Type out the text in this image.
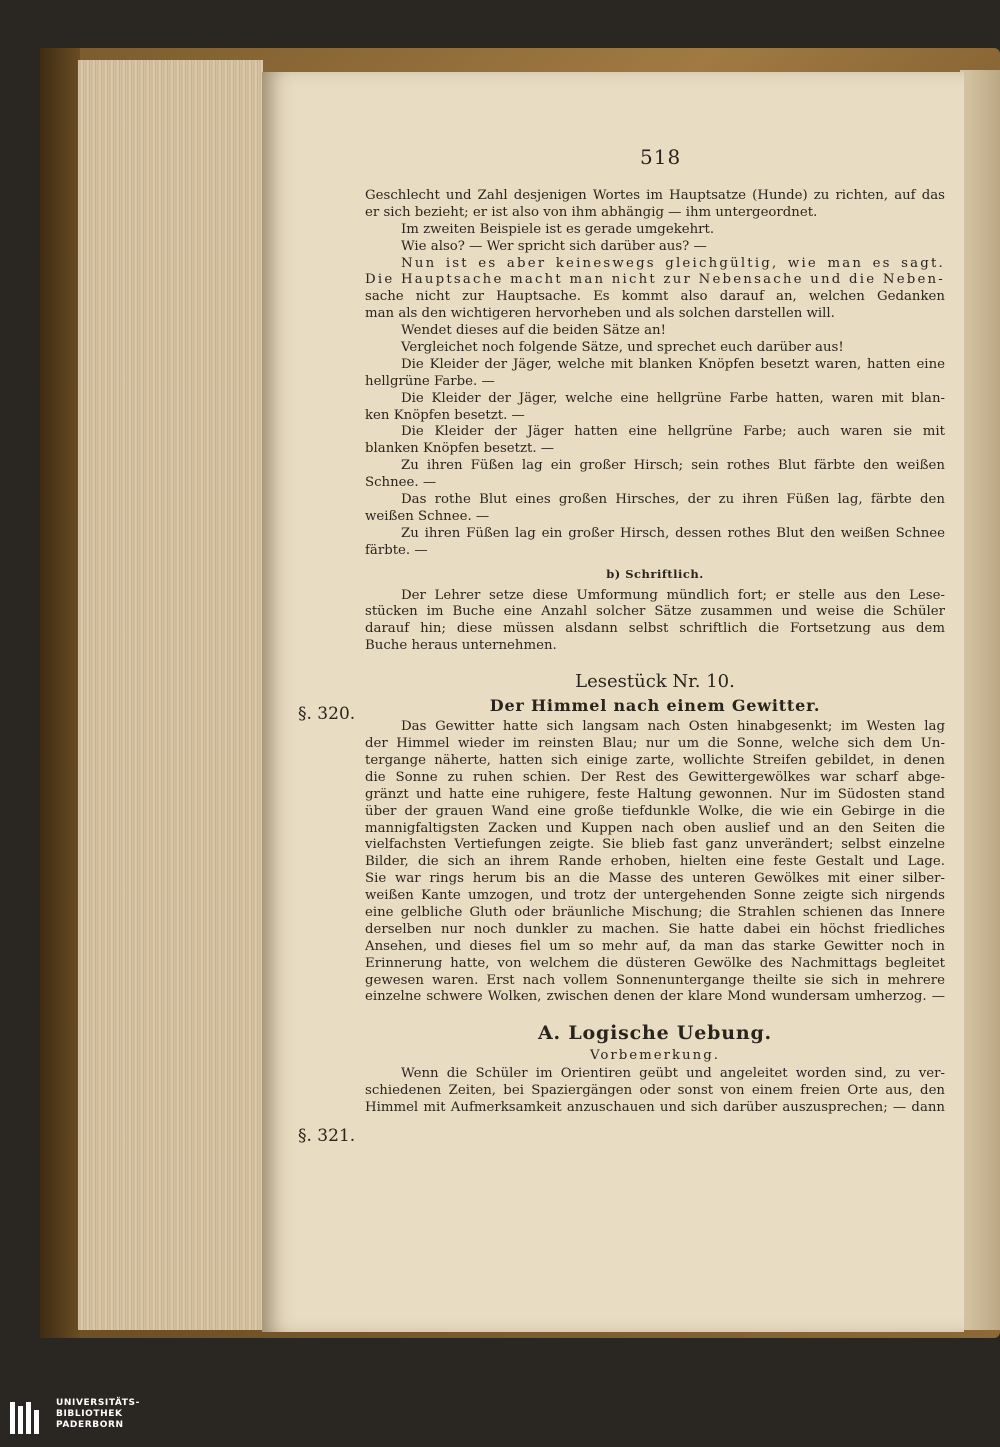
518
§. 320.
§. 321.
Geschlecht und Zahl desjenigen Wortes im Hauptsatze (Hunde) zu richten, auf das
er sich bezieht; er ist also von ihm abhängig — ihm untergeordnet.
Im zweiten Beispiele ist es gerade umgekehrt.
Wie also? — Wer spricht sich darüber aus? —
Nun ist es aber keineswegs gleichgültig, wie man es sagt.
Die Hauptsache macht man nicht zur Nebensache und die Neben-
sache nicht zur Hauptsache. Es kommt also darauf an, welchen Gedanken
man als den wichtigeren hervorheben und als solchen darstellen will.
Wendet dieses auf die beiden Sätze an!
Vergleichet noch folgende Sätze, und sprechet euch darüber aus!
Die Kleider der Jäger, welche mit blanken Knöpfen besetzt waren, hatten eine
hellgrüne Farbe. —
Die Kleider der Jäger, welche eine hellgrüne Farbe hatten, waren mit blan-
ken Knöpfen besetzt. —
Die Kleider der Jäger hatten eine hellgrüne Farbe; auch waren sie mit
blanken Knöpfen besetzt. —
Zu ihren Füßen lag ein großer Hirsch; sein rothes Blut färbte den weißen
Schnee. —
Das rothe Blut eines großen Hirsches, der zu ihren Füßen lag, färbte den
weißen Schnee. —
Zu ihren Füßen lag ein großer Hirsch, dessen rothes Blut den weißen Schnee
färbte. —
b) Schriftlich.
Der Lehrer setze diese Umformung mündlich fort; er stelle aus den Lese-
stücken im Buche eine Anzahl solcher Sätze zusammen und weise die Schüler
darauf hin; diese müssen alsdann selbst schriftlich die Fortsetzung aus dem
Buche heraus unternehmen.
Lesestück Nr. 10.
Der Himmel nach einem Gewitter.
Das Gewitter hatte sich langsam nach Osten hinabgesenkt; im Westen lag
der Himmel wieder im reinsten Blau; nur um die Sonne, welche sich dem Un-
tergange näherte, hatten sich einige zarte, wollichte Streifen gebildet, in denen
die Sonne zu ruhen schien. Der Rest des Gewittergewölkes war scharf abge-
gränzt und hatte eine ruhigere, feste Haltung gewonnen. Nur im Südosten stand
über der grauen Wand eine große tiefdunkle Wolke, die wie ein Gebirge in die
mannigfaltigsten Zacken und Kuppen nach oben auslief und an den Seiten die
vielfachsten Vertiefungen zeigte. Sie blieb fast ganz unverändert; selbst einzelne
Bilder, die sich an ihrem Rande erhoben, hielten eine feste Gestalt und Lage.
Sie war rings herum bis an die Masse des unteren Gewölkes mit einer silber-
weißen Kante umzogen, und trotz der untergehenden Sonne zeigte sich nirgends
eine gelbliche Gluth oder bräunliche Mischung; die Strahlen schienen das Innere
derselben nur noch dunkler zu machen. Sie hatte dabei ein höchst friedliches
Ansehen, und dieses fiel um so mehr auf, da man das starke Gewitter noch in
Erinnerung hatte, von welchem die düsteren Gewölke des Nachmittags begleitet
gewesen waren. Erst nach vollem Sonnenuntergange theilte sie sich in mehrere
einzelne schwere Wolken, zwischen denen der klare Mond wundersam umherzog. —
A. Logische Uebung.
Vorbemerkung.
Wenn die Schüler im Orientiren geübt und angeleitet worden sind, zu ver-
schiedenen Zeiten, bei Spaziergängen oder sonst von einem freien Orte aus, den
Himmel mit Aufmerksamkeit anzuschauen und sich darüber auszusprechen; — dann
UNIVERSITÄTS-
BIBLIOTHEK
PADERBORN
